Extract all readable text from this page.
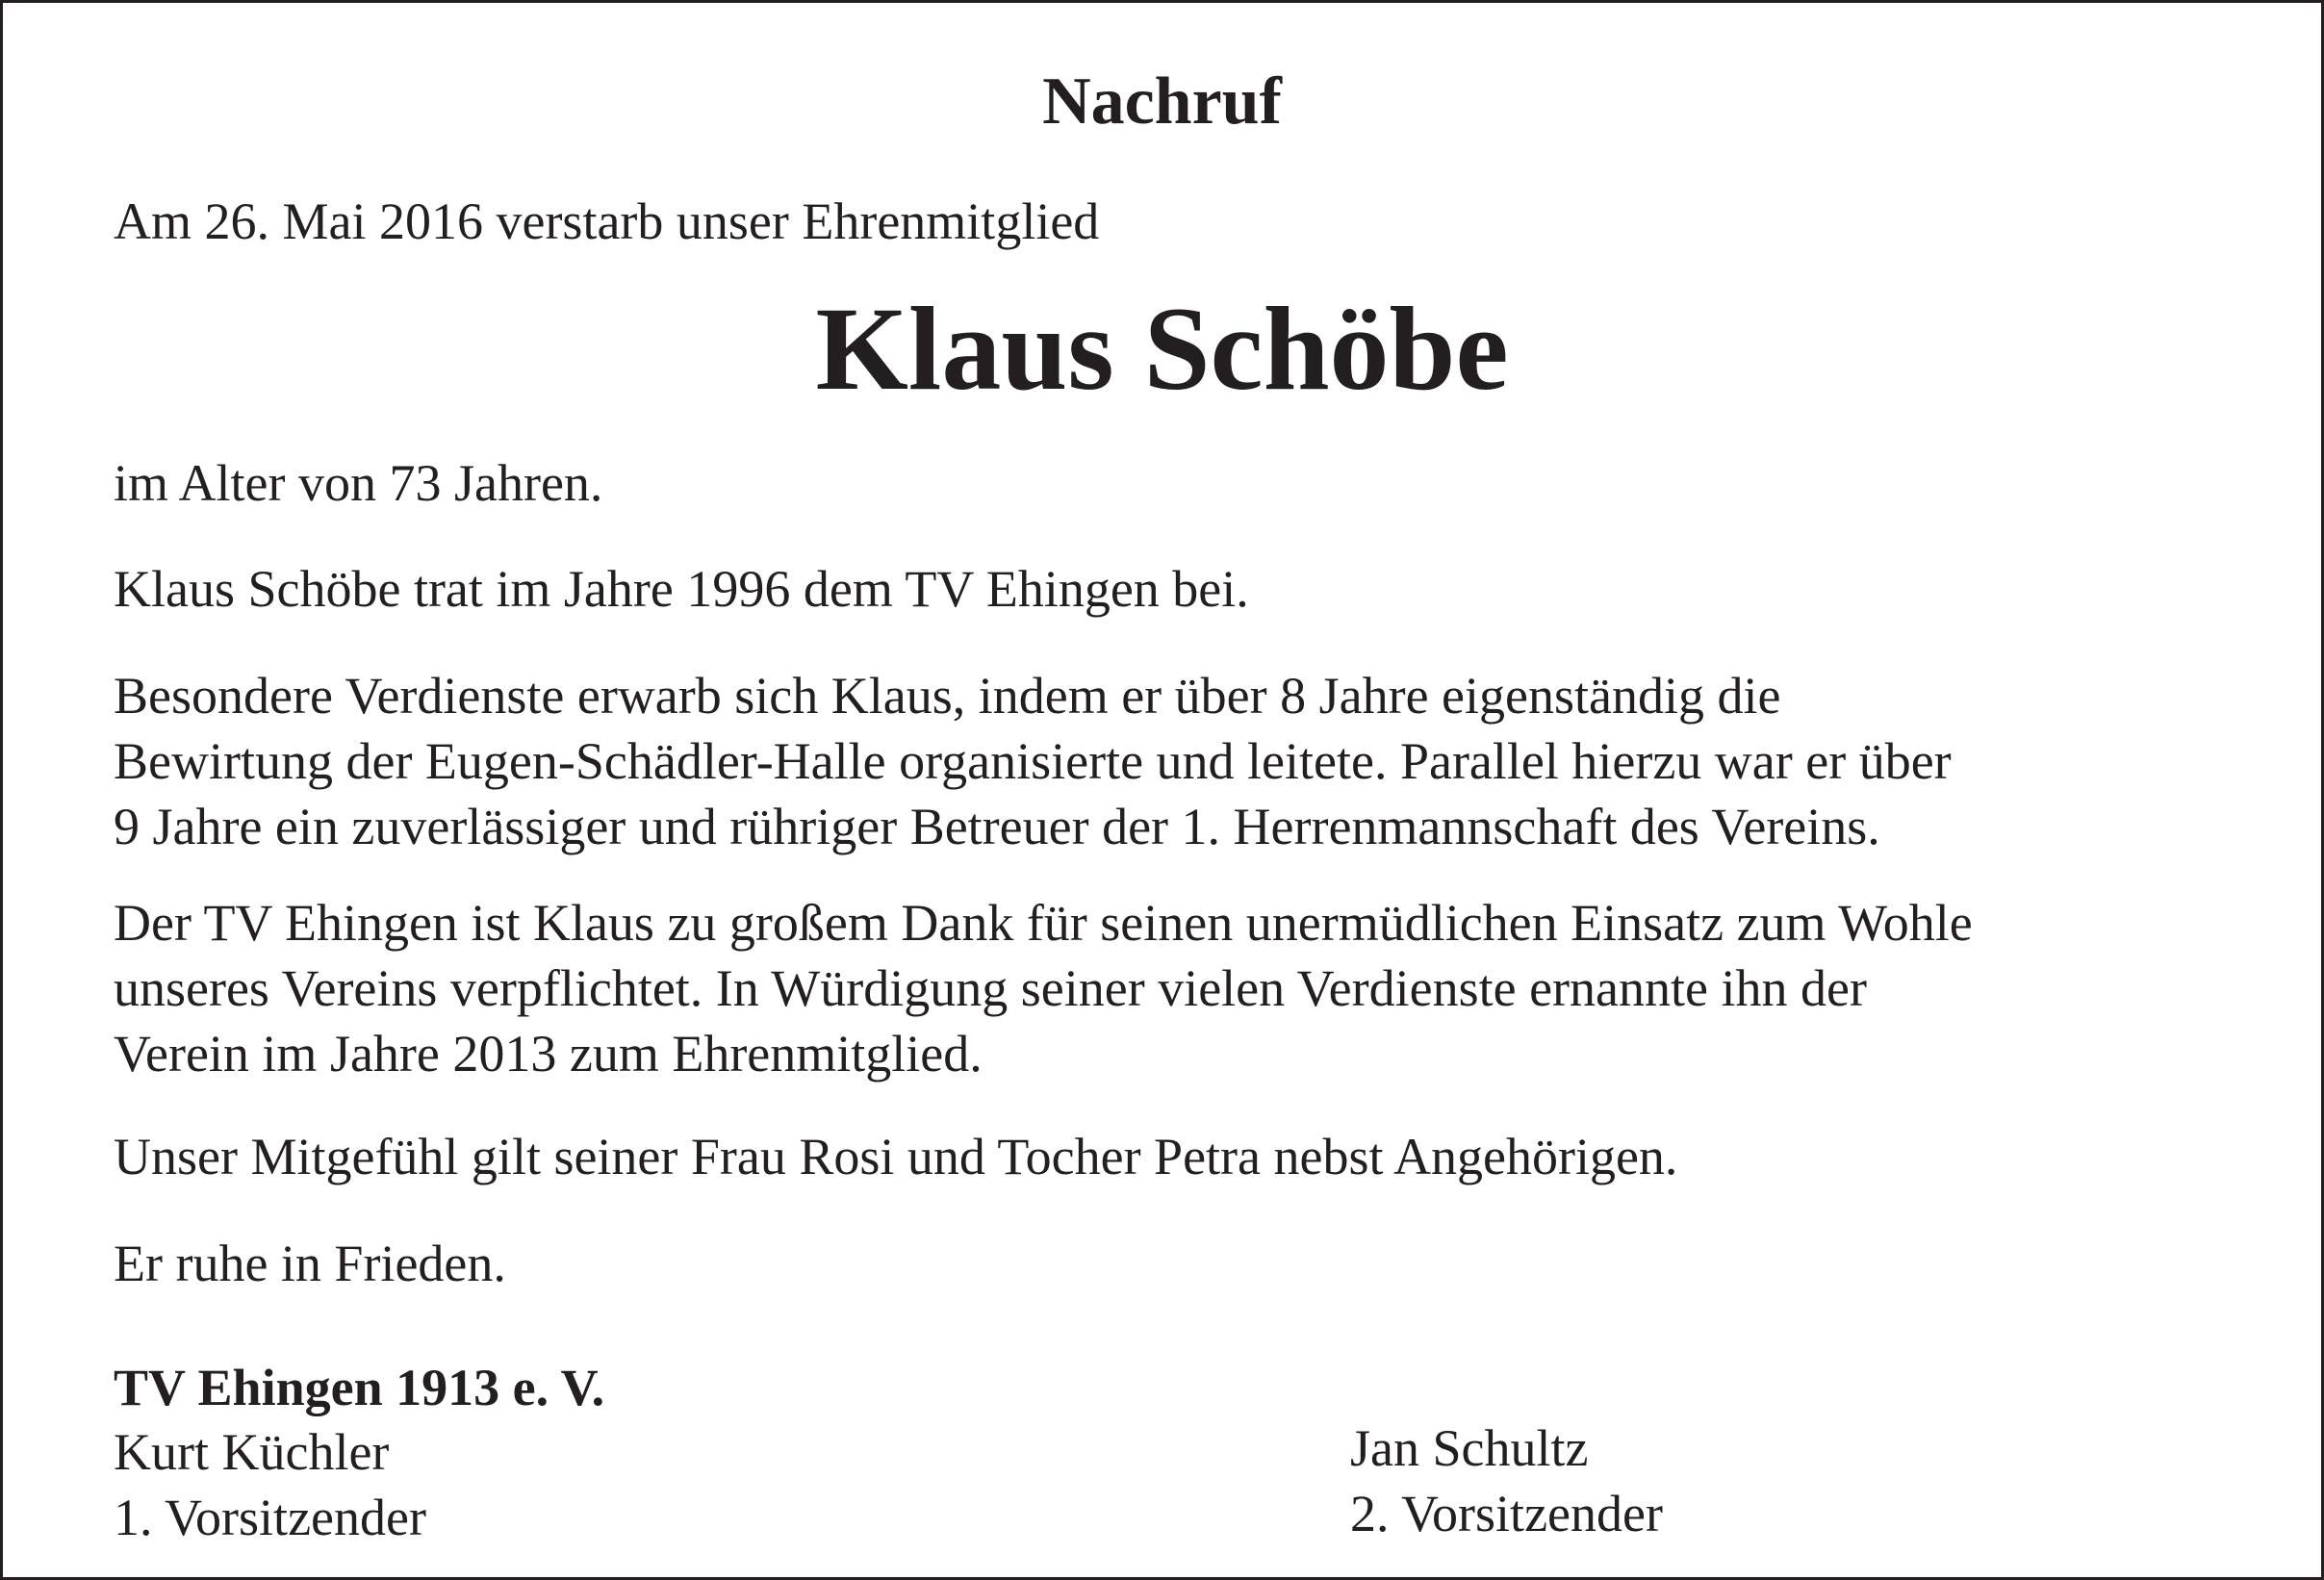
Nachruf
Am 26. Mai 2016 verstarb unser Ehrenmitglied
Klaus Schöbe

im Alter von 73 Jahren.

Klaus Schöbe trat im Jahre 1996 dem TV Ehingen bei.

Besondere Verdienste erwarb sich Klaus, indem er über 8 Jahre eigenständig die
Bewirtung der Eugen-Schädler-Halle organisierte und leitete. Parallel hierzu war er über
9 Jahre ein zuverlässiger und rühriger Betreuer der 1. Herrenmannschaft des Vereins.

Der TV Ehingen ist Klaus zu großem Dank für seinen unermüdlichen Einsatz zum Wohle
unseres Vereins verpflichtet. In Würdigung seiner vielen Verdienste ernannte ihn der
Verein im Jahre 2013 zum Ehrenmitglied.

Unser Mitgefühl gilt seiner Frau Rosi und Tocher Petra nebst Angehörigen.

Er ruhe in Frieden.

TV Ehingen 1913 e. V.
Kurt Küchler
1. Vorsitzender
Jan Schultz
2. Vorsitzender
